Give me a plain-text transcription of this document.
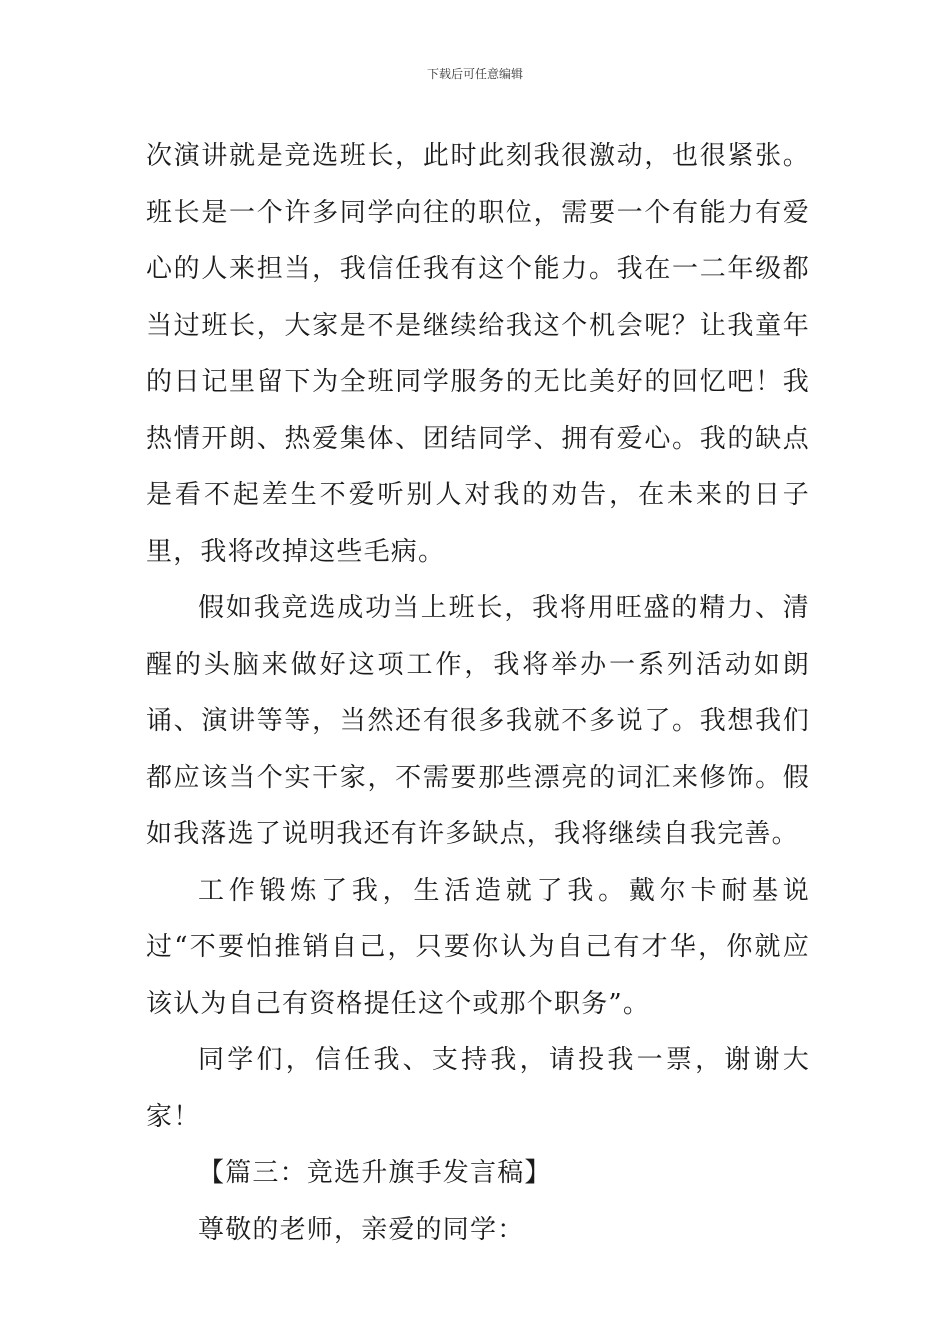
下载后可任意编辑

次演讲就是竞选班长，此时此刻我很激动，也很紧张。班长是一个许多同学向往的职位，需要一个有能力有爱心的人来担当，我信任我有这个能力。我在一二年级都当过班长，大家是不是继续给我这个机会呢？让我童年的日记里留下为全班同学服务的无比美好的回忆吧！我热情开朗、热爱集体、团结同学、拥有爱心。我的缺点是看不起差生不爱听别人对我的劝告，在未来的日子里，我将改掉这些毛病。

假如我竞选成功当上班长，我将用旺盛的精力、清醒的头脑来做好这项工作，我将举办一系列活动如朗诵、演讲等等，当然还有很多我就不多说了。我想我们都应该当个实干家，不需要那些漂亮的词汇来修饰。假如我落选了说明我还有许多缺点，我将继续自我完善。

工作锻炼了我，生活造就了我。戴尔卡耐基说过“不要怕推销自己，只要你认为自己有才华，你就应该认为自己有资格提任这个或那个职务”。

同学们，信任我、支持我，请投我一票，谢谢大家！

【篇三：竞选升旗手发言稿】

尊敬的老师，亲爱的同学：
